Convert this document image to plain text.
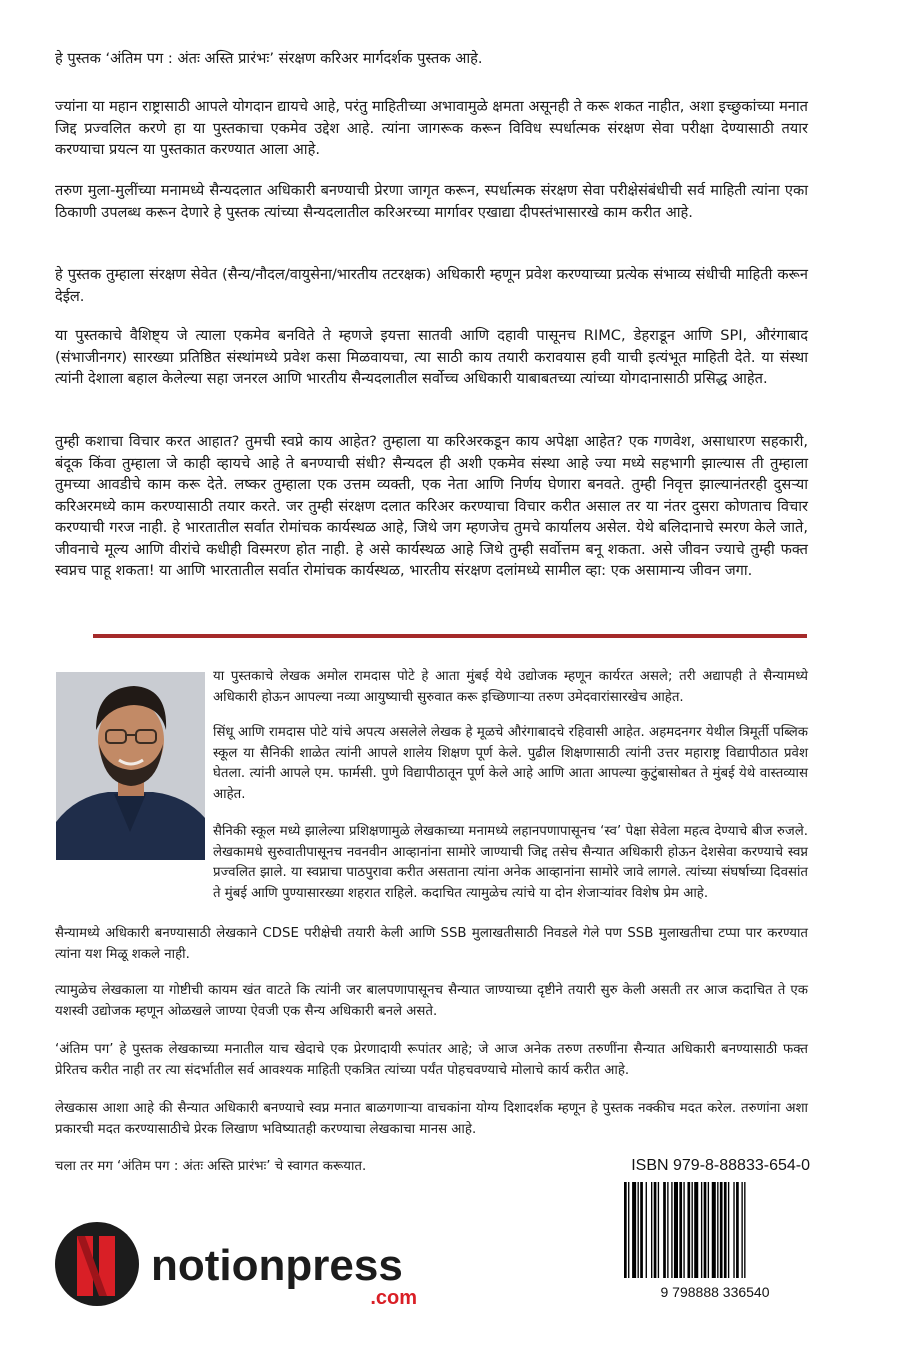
हे पुस्तक ‘अंतिम पग : अंतः अस्ति प्रारंभः’ संरक्षण करिअर मार्गदर्शक पुस्तक आहे.

ज्यांना या महान राष्ट्रासाठी आपले योगदान द्यायचे आहे, परंतु माहितीच्या अभावामुळे क्षमता असूनही ते करू शकत नाहीत, अशा इच्छुकांच्या मनात जिद्द प्रज्वलित करणे हा या पुस्तकाचा एकमेव उद्देश आहे. त्यांना जागरूक करून विविध स्पर्धात्मक संरक्षण सेवा परीक्षा देण्यासाठी तयार करण्याचा प्रयत्न या पुस्तकात करण्यात आला आहे.

तरुण मुला-मुलींच्या मनामध्ये सैन्यदलात अधिकारी बनण्याची प्रेरणा जागृत करून, स्पर्धात्मक संरक्षण सेवा परीक्षेसंबंधीची सर्व माहिती त्यांना एका ठिकाणी उपलब्ध करून देणारे हे पुस्तक त्यांच्या सैन्यदलातील करिअरच्या मार्गावर एखाद्या दीपस्तंभासारखे काम करीत आहे.

हे पुस्तक तुम्हाला संरक्षण सेवेत (सैन्य/नौदल/वायुसेना/भारतीय तटरक्षक) अधिकारी म्हणून प्रवेश करण्याच्या प्रत्येक संभाव्य संधीची माहिती करून देईल.

या पुस्तकाचे वैशिष्ट्य जे त्याला एकमेव बनविते ते म्हणजे इयत्ता सातवी आणि दहावी पासूनच RIMC, डेहराडून आणि SPI, औरंगाबाद (संभाजीनगर) सारख्या प्रतिष्ठित संस्थांमध्ये प्रवेश कसा मिळवायचा, त्या साठी काय तयारी करावयास हवी याची इत्यंभूत माहिती देते. या संस्था त्यांनी देशाला बहाल केलेल्या सहा जनरल आणि भारतीय सैन्यदलातील सर्वोच्च अधिकारी याबाबतच्या त्यांच्या योगदानासाठी प्रसिद्ध आहेत.

तुम्ही कशाचा विचार करत आहात? तुमची स्वप्ने काय आहेत? तुम्हाला या करिअरकडून काय अपेक्षा आहेत? एक गणवेश, असाधारण सहकारी, बंदूक किंवा तुम्हाला जे काही व्हायचे आहे ते बनण्याची संधी? सैन्यदल ही अशी एकमेव संस्था आहे ज्या मध्ये सहभागी झाल्यास ती तुम्हाला तुमच्या आवडीचे काम करू देते. लष्कर तुम्हाला एक उत्तम व्यक्ती, एक नेता आणि निर्णय घेणारा बनवते. तुम्ही निवृत्त झाल्यानंतरही दुसऱ्या करिअरमध्ये काम करण्यासाठी तयार करते. जर तुम्ही संरक्षण दलात करिअर करण्याचा विचार करीत असाल तर या नंतर दुसरा कोणताच विचार करण्याची गरज नाही. हे भारतातील सर्वात रोमांचक कार्यस्थळ आहे, जिथे जग म्हणजेच तुमचे कार्यालय असेल. येथे बलिदानाचे स्मरण केले जाते, जीवनाचे मूल्य आणि वीरांचे कधीही विस्मरण होत नाही. हे असे कार्यस्थळ आहे जिथे तुम्ही सर्वोत्तम बनू शकता. असे जीवन ज्याचे तुम्ही फक्त स्वप्नच पाहू शकता! या आणि भारतातील सर्वात रोमांचक कार्यस्थळ, भारतीय संरक्षण दलांमध्ये सामील व्हा: एक असामान्य जीवन जगा.

या पुस्तकाचे लेखक अमोल रामदास पोटे हे आता मुंबई येथे उद्योजक म्हणून कार्यरत असले; तरी अद्यापही ते सैन्यामध्ये अधिकारी होऊन आपल्या नव्या आयुष्याची सुरुवात करू इच्छिणाऱ्या तरुण उमेदवारांसारखेच आहेत.

सिंधू आणि रामदास पोटे यांचे अपत्य असलेले लेखक हे मूळचे औरंगाबादचे रहिवासी आहेत. अहमदनगर येथील त्रिमूर्ती पब्लिक स्कूल या सैनिकी शाळेत त्यांनी आपले शालेय शिक्षण पूर्ण केले. पुढील शिक्षणासाठी त्यांनी उत्तर महाराष्ट्र विद्यापीठात प्रवेश घेतला. त्यांनी आपले एम. फार्मसी. पुणे विद्यापीठातून पूर्ण केले आहे आणि आता आपल्या कुटुंबासोबत ते मुंबई येथे वास्तव्यास आहेत.

सैनिकी स्कूल मध्ये झालेल्या प्रशिक्षणामुळे लेखकाच्या मनामध्ये लहानपणापासूनच ‘स्व’ पेक्षा सेवेला महत्व देण्याचे बीज रुजले. लेखकामधे सुरुवातीपासूनच नवनवीन आव्हानांना सामोरे जाण्याची जिद्द तसेच सैन्यात अधिकारी होऊन देशसेवा करण्याचे स्वप्न प्रज्वलित झाले. या स्वप्नाचा पाठपुरावा करीत असताना त्यांना अनेक आव्हानांना सामोरे जावे लागले. त्यांच्या संघर्षाच्या दिवसांत ते मुंबई आणि पुण्यासारख्या शहरात राहिले. कदाचित त्यामुळेच त्यांचे या दोन शेजाऱ्यांवर विशेष प्रेम आहे.

सैन्यामध्ये अधिकारी बनण्यासाठी लेखकाने CDSE परीक्षेची तयारी केली आणि SSB मुलाखतीसाठी निवडले गेले पण SSB मुलाखतीचा टप्पा पार करण्यात त्यांना यश मिळू शकले नाही.

त्यामुळेच लेखकाला या गोष्टीची कायम खंत वाटते कि त्यांनी जर बालपणापासूनच सैन्यात जाण्याच्या दृष्टीने तयारी सुरु केली असती तर आज कदाचित ते एक यशस्वी उद्योजक म्हणून ओळखले जाण्या ऐवजी एक सैन्य अधिकारी बनले असते.

‘अंतिम पग’ हे पुस्तक लेखकाच्या मनातील याच खेदाचे एक प्रेरणादायी रूपांतर आहे; जे आज अनेक तरुण तरुणींना सैन्यात अधिकारी बनण्यासाठी फक्त प्रेरितच करीत नाही तर त्या संदर्भातील सर्व आवश्यक माहिती एकत्रित त्यांच्या पर्यंत पोहचवण्याचे मोलाचे कार्य करीत आहे.

लेखकास आशा आहे की सैन्यात अधिकारी बनण्याचे स्वप्न मनात बाळगणाऱ्या वाचकांना योग्य दिशादर्शक म्हणून हे पुस्तक नक्कीच मदत करेल. तरुणांना अशा प्रकारची मदत करण्यासाठीचे प्रेरक लिखाण भविष्यातही करण्याचा लेखकाचा मानस आहे.

चला तर मग ‘अंतिम पग : अंतः अस्ति प्रारंभः’ चे स्वागत करूयात.	ISBN 979-8-88833-654-0
9 798888 336540
N notionpress
.com
